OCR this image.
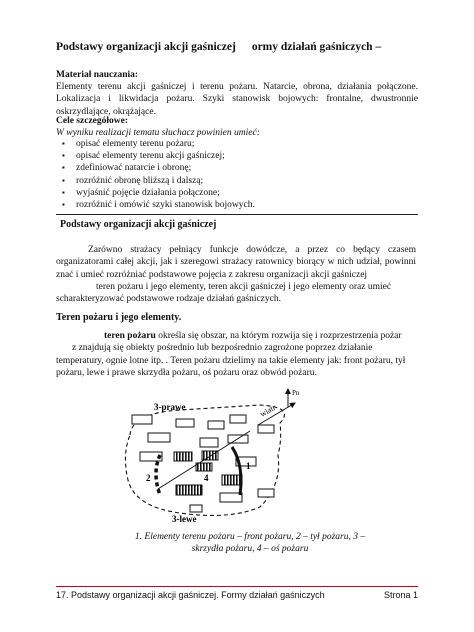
Podstawy organizacji akcji gaśniczej ormy działań gaśniczych –
Materiał nauczania:
Elementy terenu akcji gaśniczej i terenu pożaru. Natarcie, obrona, działania połączone. Lokalizacja i likwidacja pożaru. Szyki stanowisk bojowych: frontalne, dwustronnie oskrzydlające, okrążające.
Cele szczegółowe:
W wyniku realizacji tematu słuchacz powinien umieć:
▪ opisać elementy terenu pożaru;
▪ opisać elementy terenu akcji gaśniczej;
▪ zdefiniować natarcie i obronę;
▪ rozróżnić obronę bliższą i dalszą;
▪ wyjaśnić pojęcie działania połączone;
▪ rozróżnić i omówić szyki stanowisk bojowych.
Podstawy organizacji akcji gaśniczej

Zarówno strażacy pełniący funkcje dowódcze, a przez co będący czasem organizatorami całej akcji, jak i szeregowi strażacy ratownicy biorący w nich udział, powinni znać i umieć rozróżniać podstawowe pojęcia z zakresu organizacji akcji gaśniczej

teren pożaru i jego elementy, teren akcji gaśniczej i jego elementy oraz umieć

scharakteryzować podstawowe rodzaje działań gaśniczych.

Teren pożaru i jego elementy.

teren pożaru określa się obszar, na którym rozwija się i rozprzestrzenia pożar

z znajdują się obiekty pośrednio lub bezpośrednio zagrożone poprzez działanie

temperatury, ognie lotne itp. . Teren pożaru dzielimy na takie elementy jak: front pożaru, tył

pożaru, lewe i prawe skrzydła pożaru, oś pożaru oraz obwód pożaru.

wiatr
Pn
3-prawe
3-lewe
1
2	4
1. Elementy terenu pożaru – front pożaru, 2 – tył pożaru, 3 –
skrzydła pożaru, 4 – oś pożaru
17. Podstawy organizacji akcji gaśniczej. Formy działań gaśniczych	Strona 1
